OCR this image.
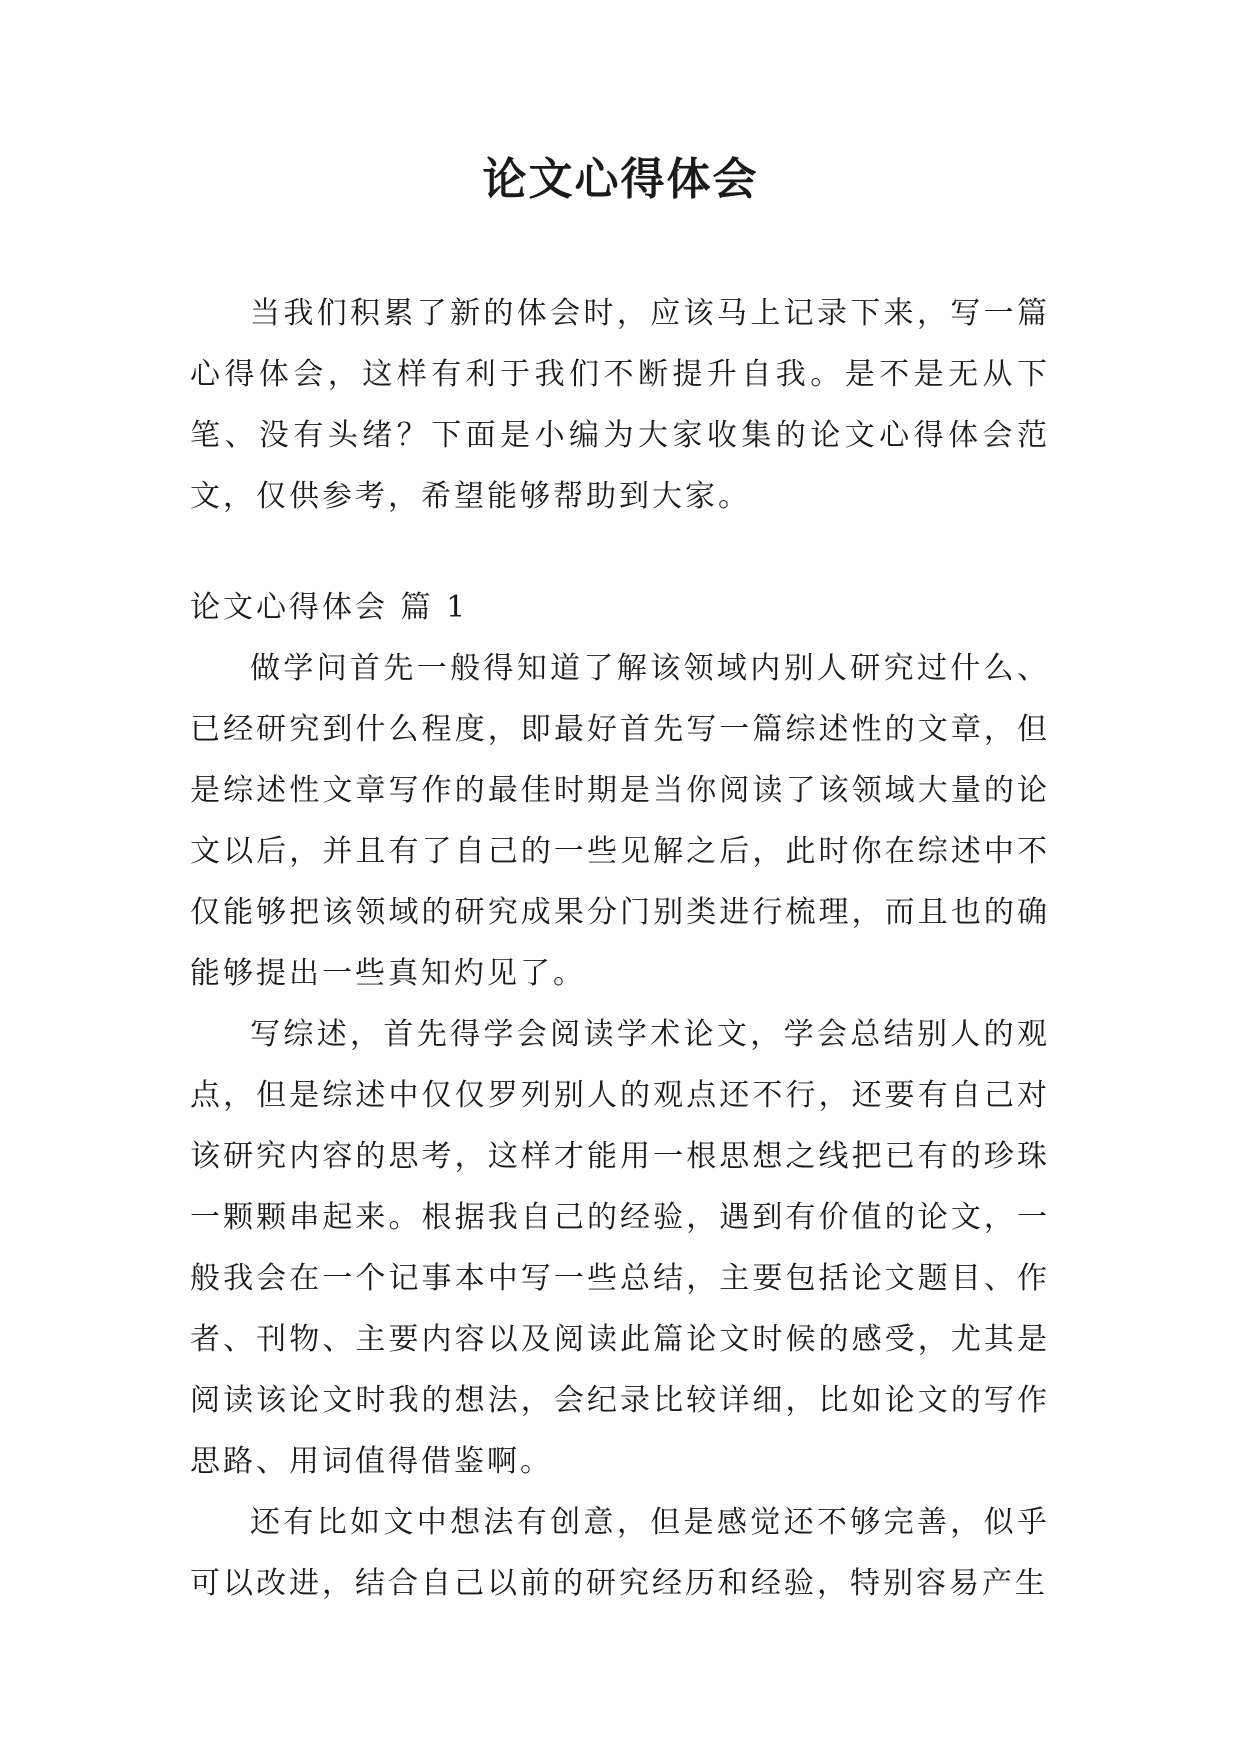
论文心得体会

当我们积累了新的体会时，应该马上记录下来，写一篇心得体会，这样有利于我们不断提升自我。是不是无从下笔、没有头绪？下面是小编为大家收集的论文心得体会范文，仅供参考，希望能够帮助到大家。

论文心得体会 篇 1

做学问首先一般得知道了解该领域内别人研究过什么、已经研究到什么程度，即最好首先写一篇综述性的文章，但是综述性文章写作的最佳时期是当你阅读了该领域大量的论文以后，并且有了自己的一些见解之后，此时你在综述中不仅能够把该领域的研究成果分门别类进行梳理，而且也的确能够提出一些真知灼见了。

写综述，首先得学会阅读学术论文，学会总结别人的观点，但是综述中仅仅罗列别人的观点还不行，还要有自己对该研究内容的思考，这样才能用一根思想之线把已有的珍珠一颗颗串起来。根据我自己的经验，遇到有价值的论文，一般我会在一个记事本中写一些总结，主要包括论文题目、作者、刊物、主要内容以及阅读此篇论文时候的感受，尤其是阅读该论文时我的想法，会纪录比较详细，比如论文的写作思路、用词值得借鉴啊。

还有比如文中想法有创意，但是感觉还不够完善，似乎可以改进，结合自己以前的研究经历和经验，特别容易产生
